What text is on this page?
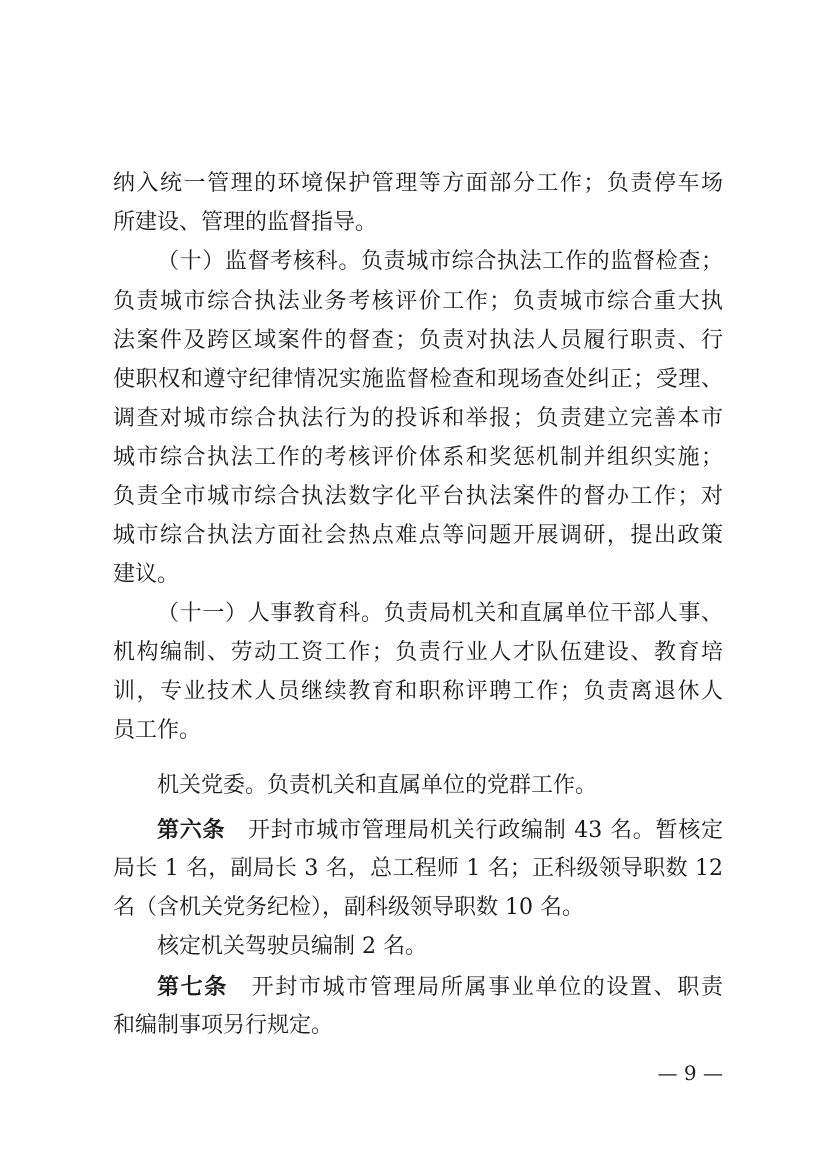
纳入统一管理的环境保护管理等方面部分工作；负责停车场
所建设、管理的监督指导。
（十）监督考核科。负责城市综合执法工作的监督检查；
负责城市综合执法业务考核评价工作；负责城市综合重大执
法案件及跨区域案件的督查；负责对执法人员履行职责、行
使职权和遵守纪律情况实施监督检查和现场查处纠正；受理、
调查对城市综合执法行为的投诉和举报；负责建立完善本市
城市综合执法工作的考核评价体系和奖惩机制并组织实施；
负责全市城市综合执法数字化平台执法案件的督办工作；对
城市综合执法方面社会热点难点等问题开展调研，提出政策
建议。
（十一）人事教育科。负责局机关和直属单位干部人事、
机构编制、劳动工资工作；负责行业人才队伍建设、教育培
训，专业技术人员继续教育和职称评聘工作；负责离退休人
员工作。
机关党委。负责机关和直属单位的党群工作。
第六条 开封市城市管理局机关行政编制 43 名。暂核定
局长 1 名，副局长 3 名，总工程师 1 名；正科级领导职数 12
名（含机关党务纪检），副科级领导职数 10 名。
核定机关驾驶员编制 2 名。
第七条 开封市城市管理局所属事业单位的设置、职责
和编制事项另行规定。
— 9 —
